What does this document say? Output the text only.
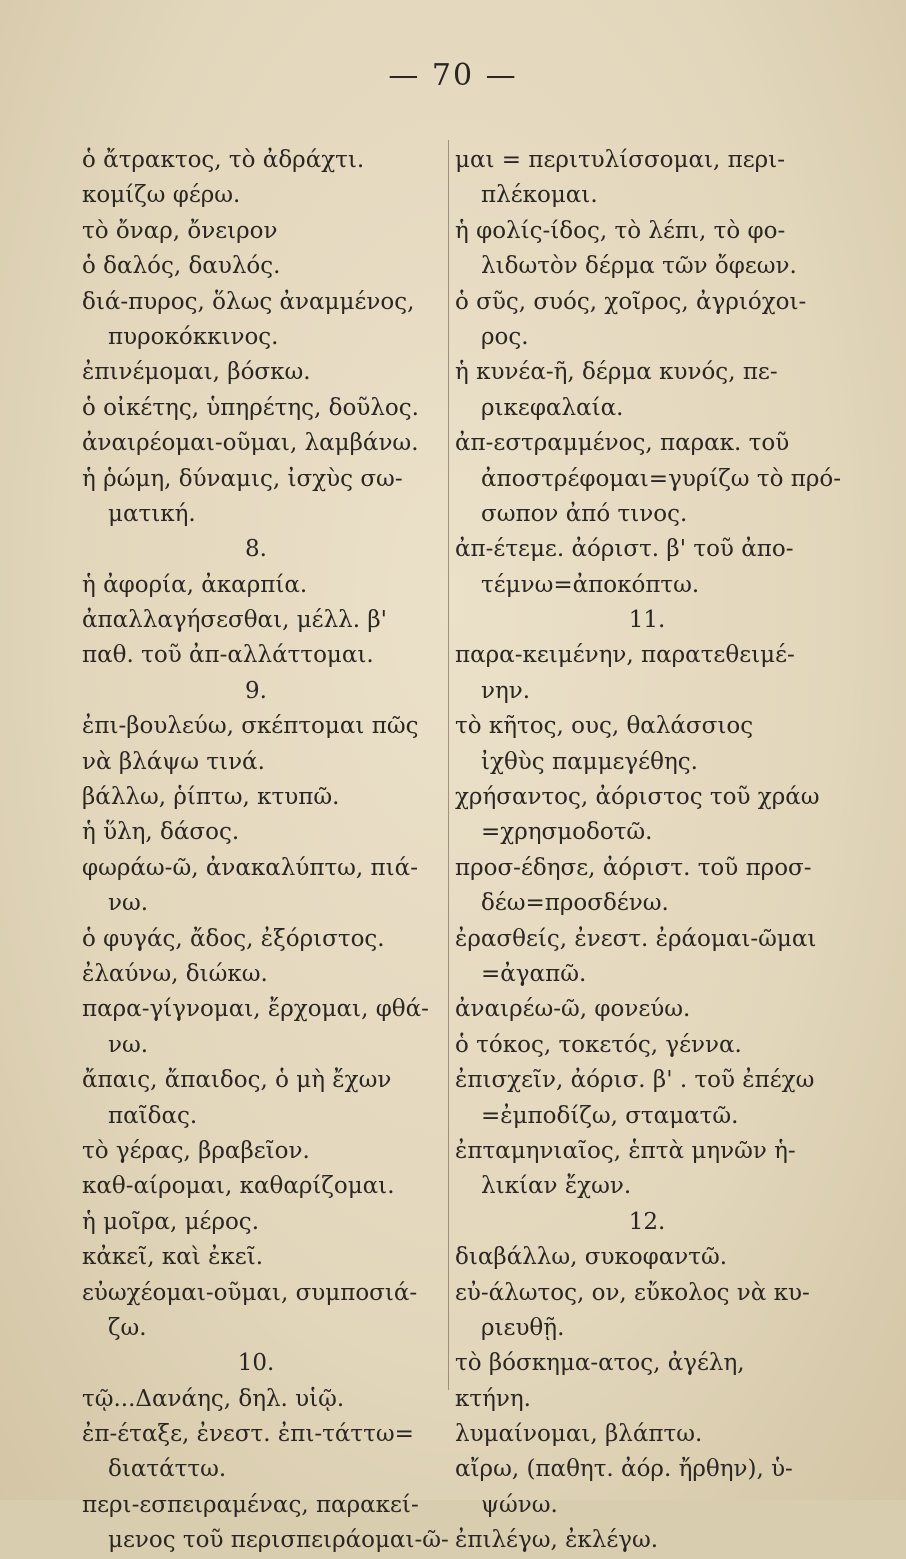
— 70 —
ὁ ἄτρακτος, τὸ ἀδράχτι.
κομίζω φέρω.
τὸ ὄναρ, ὄνειρον
ὁ δαλός, δαυλός.
διά-πυρος, ὅλως ἀναμμένος,
πυροκόκκινος.
ἐπινέμομαι, βόσκω.
ὁ οἰκέτης, ὑπηρέτης, δοῦλος.
ἀναιρέομαι-οῦμαι, λαμβάνω.
ἡ ῥώμη, δύναμις, ἰσχὺς σω-
ματική.
8.
ἡ ἀφορία, ἀκαρπία.
ἀπαλλαγήσεσθαι, μέλλ. β'
παθ. τοῦ ἀπ-αλλάττομαι.
9.
ἐπι-βουλεύω, σκέπτομαι πῶς
νὰ βλάψω τινά.
βάλλω, ῥίπτω, κτυπῶ.
ἡ ὕλη, δάσος.
φωράω-ῶ, ἀνακαλύπτω, πιά-
νω.
ὁ φυγάς, ἄδος, ἐξόριστος.
ἐλαύνω, διώκω.
παρα-γίγνομαι, ἔρχομαι, φθά-
νω.
ἄπαις, ἄπαιδος, ὁ μὴ ἔχων
παῖδας.
τὸ γέρας, βραβεῖον.
καθ-αίρομαι, καθαρίζομαι.
ἡ μοῖρα, μέρος.
κἀκεῖ, καὶ ἐκεῖ.
εὐωχέομαι-οῦμαι, συμποσιά-
ζω.
10.
τῷ...Δανάης, δηλ. υἱῷ.
ἐπ-έταξε, ἐνεστ. ἐπι-τάττω=
διατάττω.
περι-εσπειραμένας, παρακεί-
μενος τοῦ περισπειράομαι-ῶ-
μαι = περιτυλίσσομαι, περι-
πλέκομαι.
ἡ φολίς-ίδος, τὸ λέπι, τὸ φο-
λιδωτὸν δέρμα τῶν ὄφεων.
ὁ σῦς, συός, χοῖρος, ἀγριόχοι-
ρος.
ἡ κυνέα-ῆ, δέρμα κυνός, πε-
ρικεφαλαία.
ἀπ-εστραμμένος, παρακ. τοῦ
ἀποστρέφομαι=γυρίζω τὸ πρό-
σωπον ἀπό τινος.
ἀπ-έτεμε. ἀόριστ. β' τοῦ ἀπο-
τέμνω=ἀποκόπτω.
11.
παρα-κειμένην, παρατεθειμέ-
νην.
τὸ κῆτος, ους, θαλάσσιος
ἰχθὺς παμμεγέθης.
χρήσαντος, ἀόριστος τοῦ χράω
=χρησμοδοτῶ.
προσ-έδησε, ἀόριστ. τοῦ προσ-
δέω=προσδένω.
ἐρασθείς, ἐνεστ. ἐράομαι-ῶμαι
=ἀγαπῶ.
ἀναιρέω-ῶ, φονεύω.
ὁ τόκος, τοκετός, γέννα.
ἐπισχεῖν, ἀόρισ. β' . τοῦ ἐπέχω
=ἐμποδίζω, σταματῶ.
ἐπταμηνιαῖος, ἑπτὰ μηνῶν ἡ-
λικίαν ἔχων.
12.
διαβάλλω, συκοφαντῶ.
εὐ-άλωτος, ον, εὔκολος νὰ κυ-
ριευθῇ.
τὸ βόσκημα-ατος, ἀγέλη,
κτήνη.
λυμαίνομαι, βλάπτω.
αἴρω, (παθητ. ἀόρ. ἤρθην), ὑ-
ψώνω.
ἐπιλέγω, ἐκλέγω.
